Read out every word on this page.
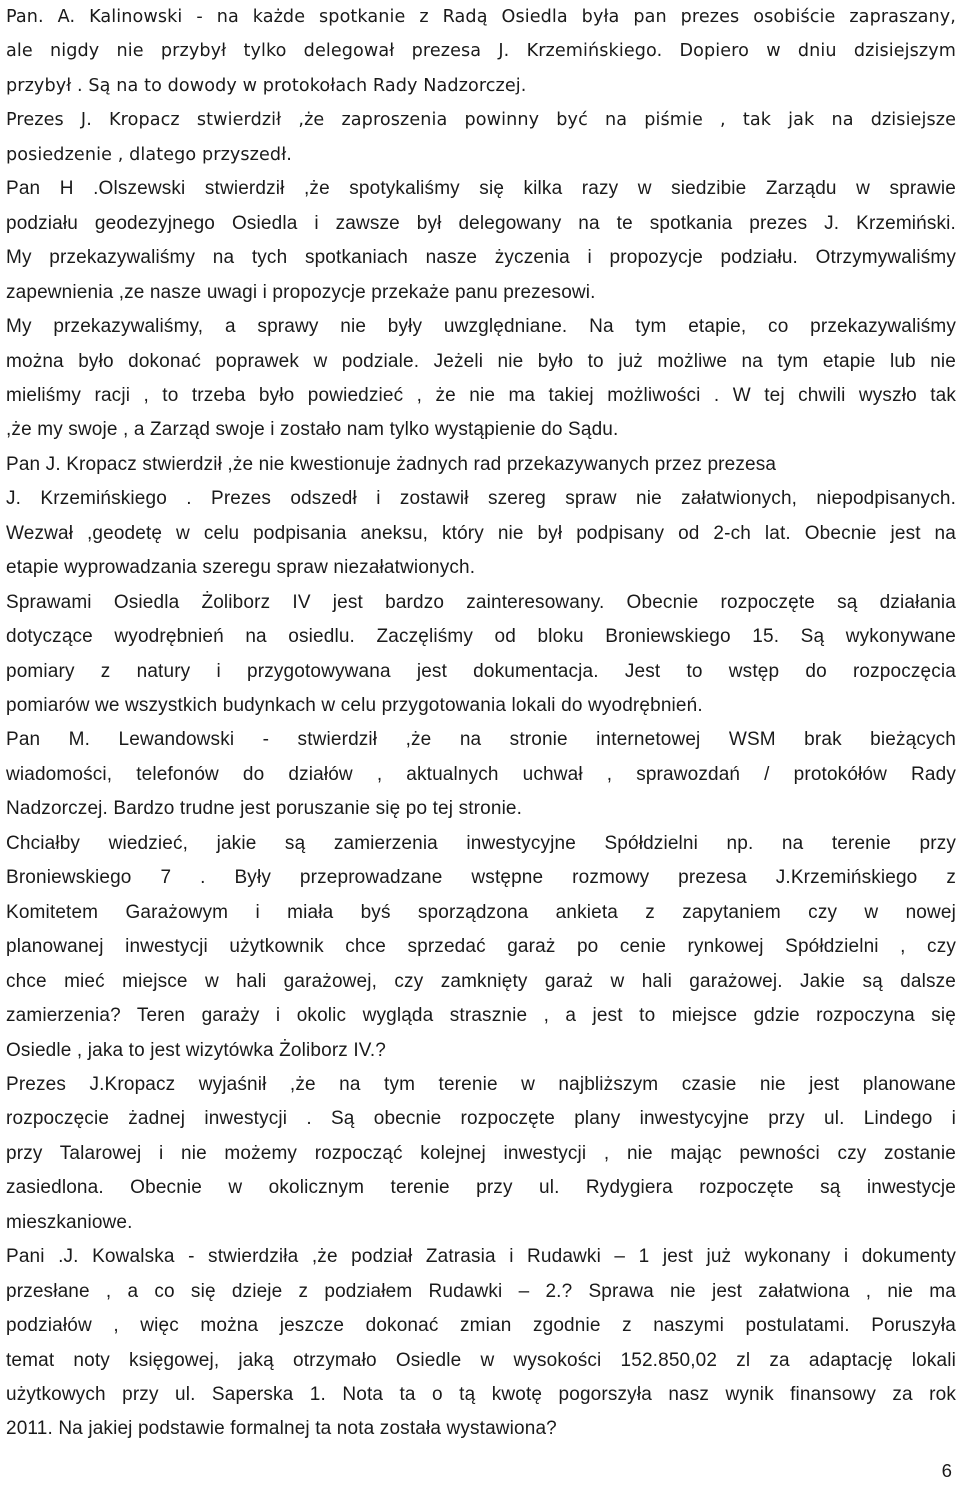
Pan. A. Kalinowski - na każde spotkanie z Radą Osiedla była pan prezes osobiście zapraszany,
ale nigdy nie przybył tylko delegował prezesa J. Krzemińskiego. Dopiero w dniu dzisiejszym
przybył . Są na to dowody w protokołach Rady Nadzorczej.
Prezes J. Kropacz stwierdził ,że zaproszenia powinny być na piśmie , tak jak na dzisiejsze
posiedzenie , dlatego przyszedł.
Pan H .Olszewski stwierdził ,że spotykaliśmy się kilka razy w siedzibie Zarządu w sprawie
podziału geodezyjnego Osiedla i zawsze był delegowany na te spotkania prezes J. Krzemiński.
My przekazywaliśmy na tych spotkaniach nasze życzenia i propozycje podziału. Otrzymywaliśmy
zapewnienia ,ze nasze uwagi i propozycje przekaże panu prezesowi.
My przekazywaliśmy, a sprawy nie były uwzględniane. Na tym etapie, co przekazywaliśmy
można było dokonać poprawek w podziale. Jeżeli nie było to już możliwe na tym etapie lub nie
mieliśmy racji , to trzeba było powiedzieć , że nie ma takiej możliwości . W tej chwili wyszło tak
,że my swoje , a Zarząd swoje i zostało nam tylko wystąpienie do Sądu.
Pan J. Kropacz stwierdził ,że nie kwestionuje żadnych rad przekazywanych przez prezesa
J. Krzemińskiego . Prezes odszedł i zostawił szereg spraw nie załatwionych, niepodpisanych.
Wezwał ,geodetę w celu podpisania aneksu, który nie był podpisany od 2-ch lat. Obecnie jest na
etapie wyprowadzania szeregu spraw niezałatwionych.
Sprawami Osiedla Żoliborz IV jest bardzo zainteresowany. Obecnie rozpoczęte są działania
dotyczące wyodrębnień na osiedlu. Zaczęliśmy od bloku Broniewskiego 15. Są wykonywane
pomiary z natury i przygotowywana jest dokumentacja. Jest to wstęp do rozpoczęcia
pomiarów we wszystkich budynkach w celu przygotowania lokali do wyodrębnień.
Pan M. Lewandowski - stwierdził ,że na stronie internetowej WSM brak bieżących
wiadomości, telefonów do działów , aktualnych uchwał , sprawozdań / protokółów Rady
Nadzorczej. Bardzo trudne jest poruszanie się po tej stronie.
Chciałby wiedzieć, jakie są zamierzenia inwestycyjne Spółdzielni np. na terenie przy
Broniewskiego 7 . Były przeprowadzane wstępne rozmowy prezesa J.Krzemińskiego z
Komitetem Garażowym i miała byś sporządzona ankieta z zapytaniem czy w nowej
planowanej inwestycji użytkownik chce sprzedać garaż po cenie rynkowej Spółdzielni , czy
chce mieć miejsce w hali garażowej, czy zamknięty garaż w hali garażowej. Jakie są dalsze
zamierzenia? Teren garaży i okolic wygląda strasznie , a jest to miejsce gdzie rozpoczyna się
Osiedle , jaka to jest wizytówka Żoliborz IV.?
Prezes J.Kropacz wyjaśnił ,że na tym terenie w najbliższym czasie nie jest planowane
rozpoczęcie żadnej inwestycji . Są obecnie rozpoczęte plany inwestycyjne przy ul. Lindego i
przy Talarowej i nie możemy rozpocząć kolejnej inwestycji , nie mając pewności czy zostanie
zasiedlona. Obecnie w okolicznym terenie przy ul. Rydygiera rozpoczęte są inwestycje
mieszkaniowe.
Pani .J. Kowalska - stwierdziła ,że podział Zatrasia i Rudawki – 1 jest już wykonany i dokumenty
przesłane , a co się dzieje z podziałem Rudawki – 2.? Sprawa nie jest załatwiona , nie ma
podziałów , więc można jeszcze dokonać zmian zgodnie z naszymi postulatami. Poruszyła
temat noty księgowej, jaką otrzymało Osiedle w wysokości 152.850,02 zl za adaptację lokali
użytkowych przy ul. Saperska 1. Nota ta o tą kwotę pogorszyła nasz wynik finansowy za rok
2011. Na jakiej podstawie formalnej ta nota została wystawiona?
6
